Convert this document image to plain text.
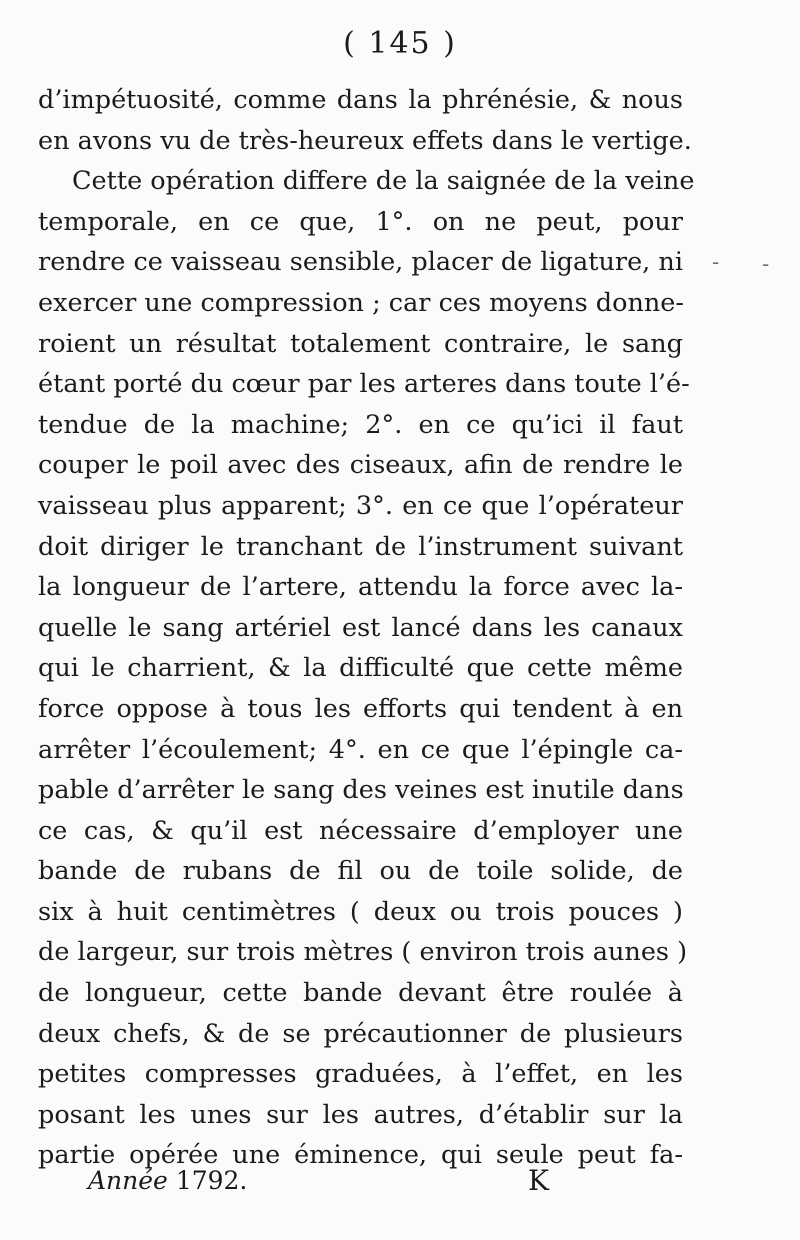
( 145 )
d’impétuosité, comme dans la phrénésie, & nous
en avons vu de très-heureux effets dans le vertige.
Cette opération differe de la saignée de la veine
temporale, en ce que, 1°. on ne peut, pour
rendre ce vaisseau sensible, placer de ligature, ni
exercer une compression ; car ces moyens donne-
roient un résultat totalement contraire, le sang
étant porté du cœur par les arteres dans toute l’é-
tendue de la machine; 2°. en ce qu’ici il faut
couper le poil avec des ciseaux, afin de rendre le
vaisseau plus apparent; 3°. en ce que l’opérateur
doit diriger le tranchant de l’instrument suivant
la longueur de l’artere, attendu la force avec la-
quelle le sang artériel est lancé dans les canaux
qui le charrient, & la difficulté que cette même
force oppose à tous les efforts qui tendent à en
arrêter l’écoulement; 4°. en ce que l’épingle ca-
pable d’arrêter le sang des veines est inutile dans
ce cas, & qu’il est nécessaire d’employer une
bande de rubans de fil ou de toile solide, de
six à huit centimètres ( deux ou trois pouces )
de largeur, sur trois mètres ( environ trois aunes )
de longueur, cette bande devant être roulée à
deux chefs, & de se précautionner de plusieurs
petites compresses graduées, à l’effet, en les
posant les unes sur les autres, d’établir sur la
partie opérée une éminence, qui seule peut fa-
Année 1792.	K
- -
